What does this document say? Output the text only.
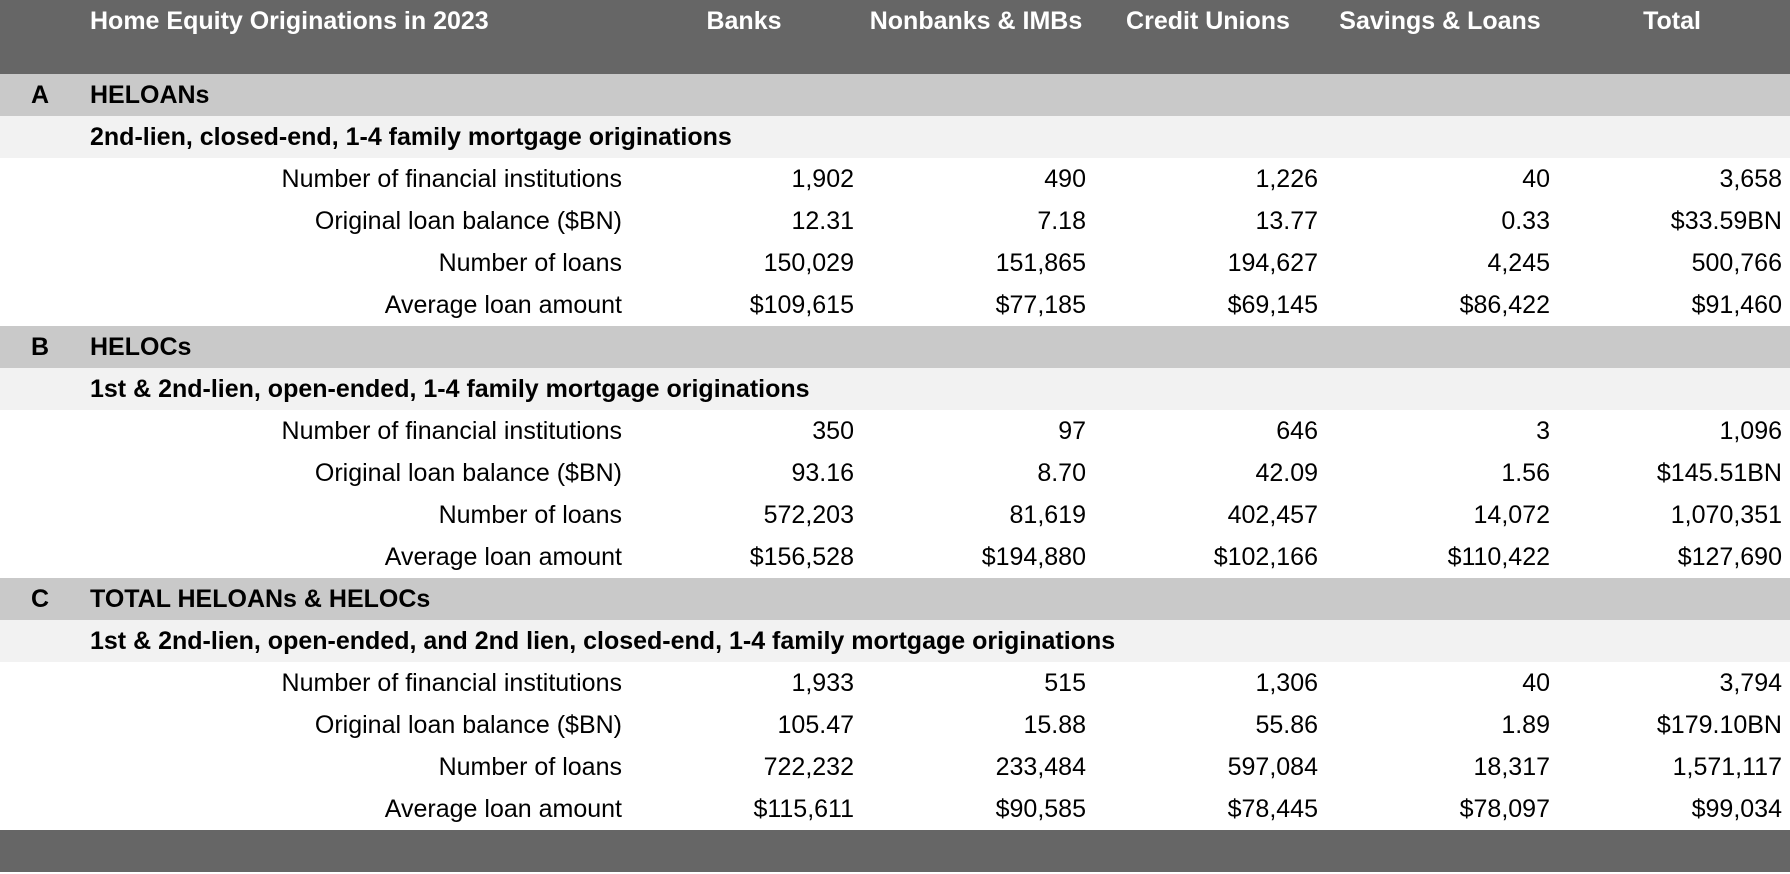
Home Equity Originations in 2023	Banks	Nonbanks & IMBs	Credit Unions	Savings & Loans	Total
A	HELOANs
2nd-lien, closed-end, 1-4 family mortgage originations
Number of financial institutions	1,902	490	1,226	40	3,658
Original loan balance ($BN)	12.31	7.18	13.77	0.33	$33.59BN
Number of loans	150,029	151,865	194,627	4,245	500,766
Average loan amount	$109,615	$77,185	$69,145	$86,422	$91,460
B	HELOCs
1st & 2nd-lien, open-ended, 1-4 family mortgage originations
Number of financial institutions	350	97	646	3	1,096
Original loan balance ($BN)	93.16	8.70	42.09	1.56	$145.51BN
Number of loans	572,203	81,619	402,457	14,072	1,070,351
Average loan amount	$156,528	$194,880	$102,166	$110,422	$127,690
C	TOTAL HELOANs & HELOCs
1st & 2nd-lien, open-ended, and 2nd lien, closed-end, 1-4 family mortgage originations
Number of financial institutions	1,933	515	1,306	40	3,794
Original loan balance ($BN)	105.47	15.88	55.86	1.89	$179.10BN
Number of loans	722,232	233,484	597,084	18,317	1,571,117
Average loan amount	$115,611	$90,585	$78,445	$78,097	$99,034
